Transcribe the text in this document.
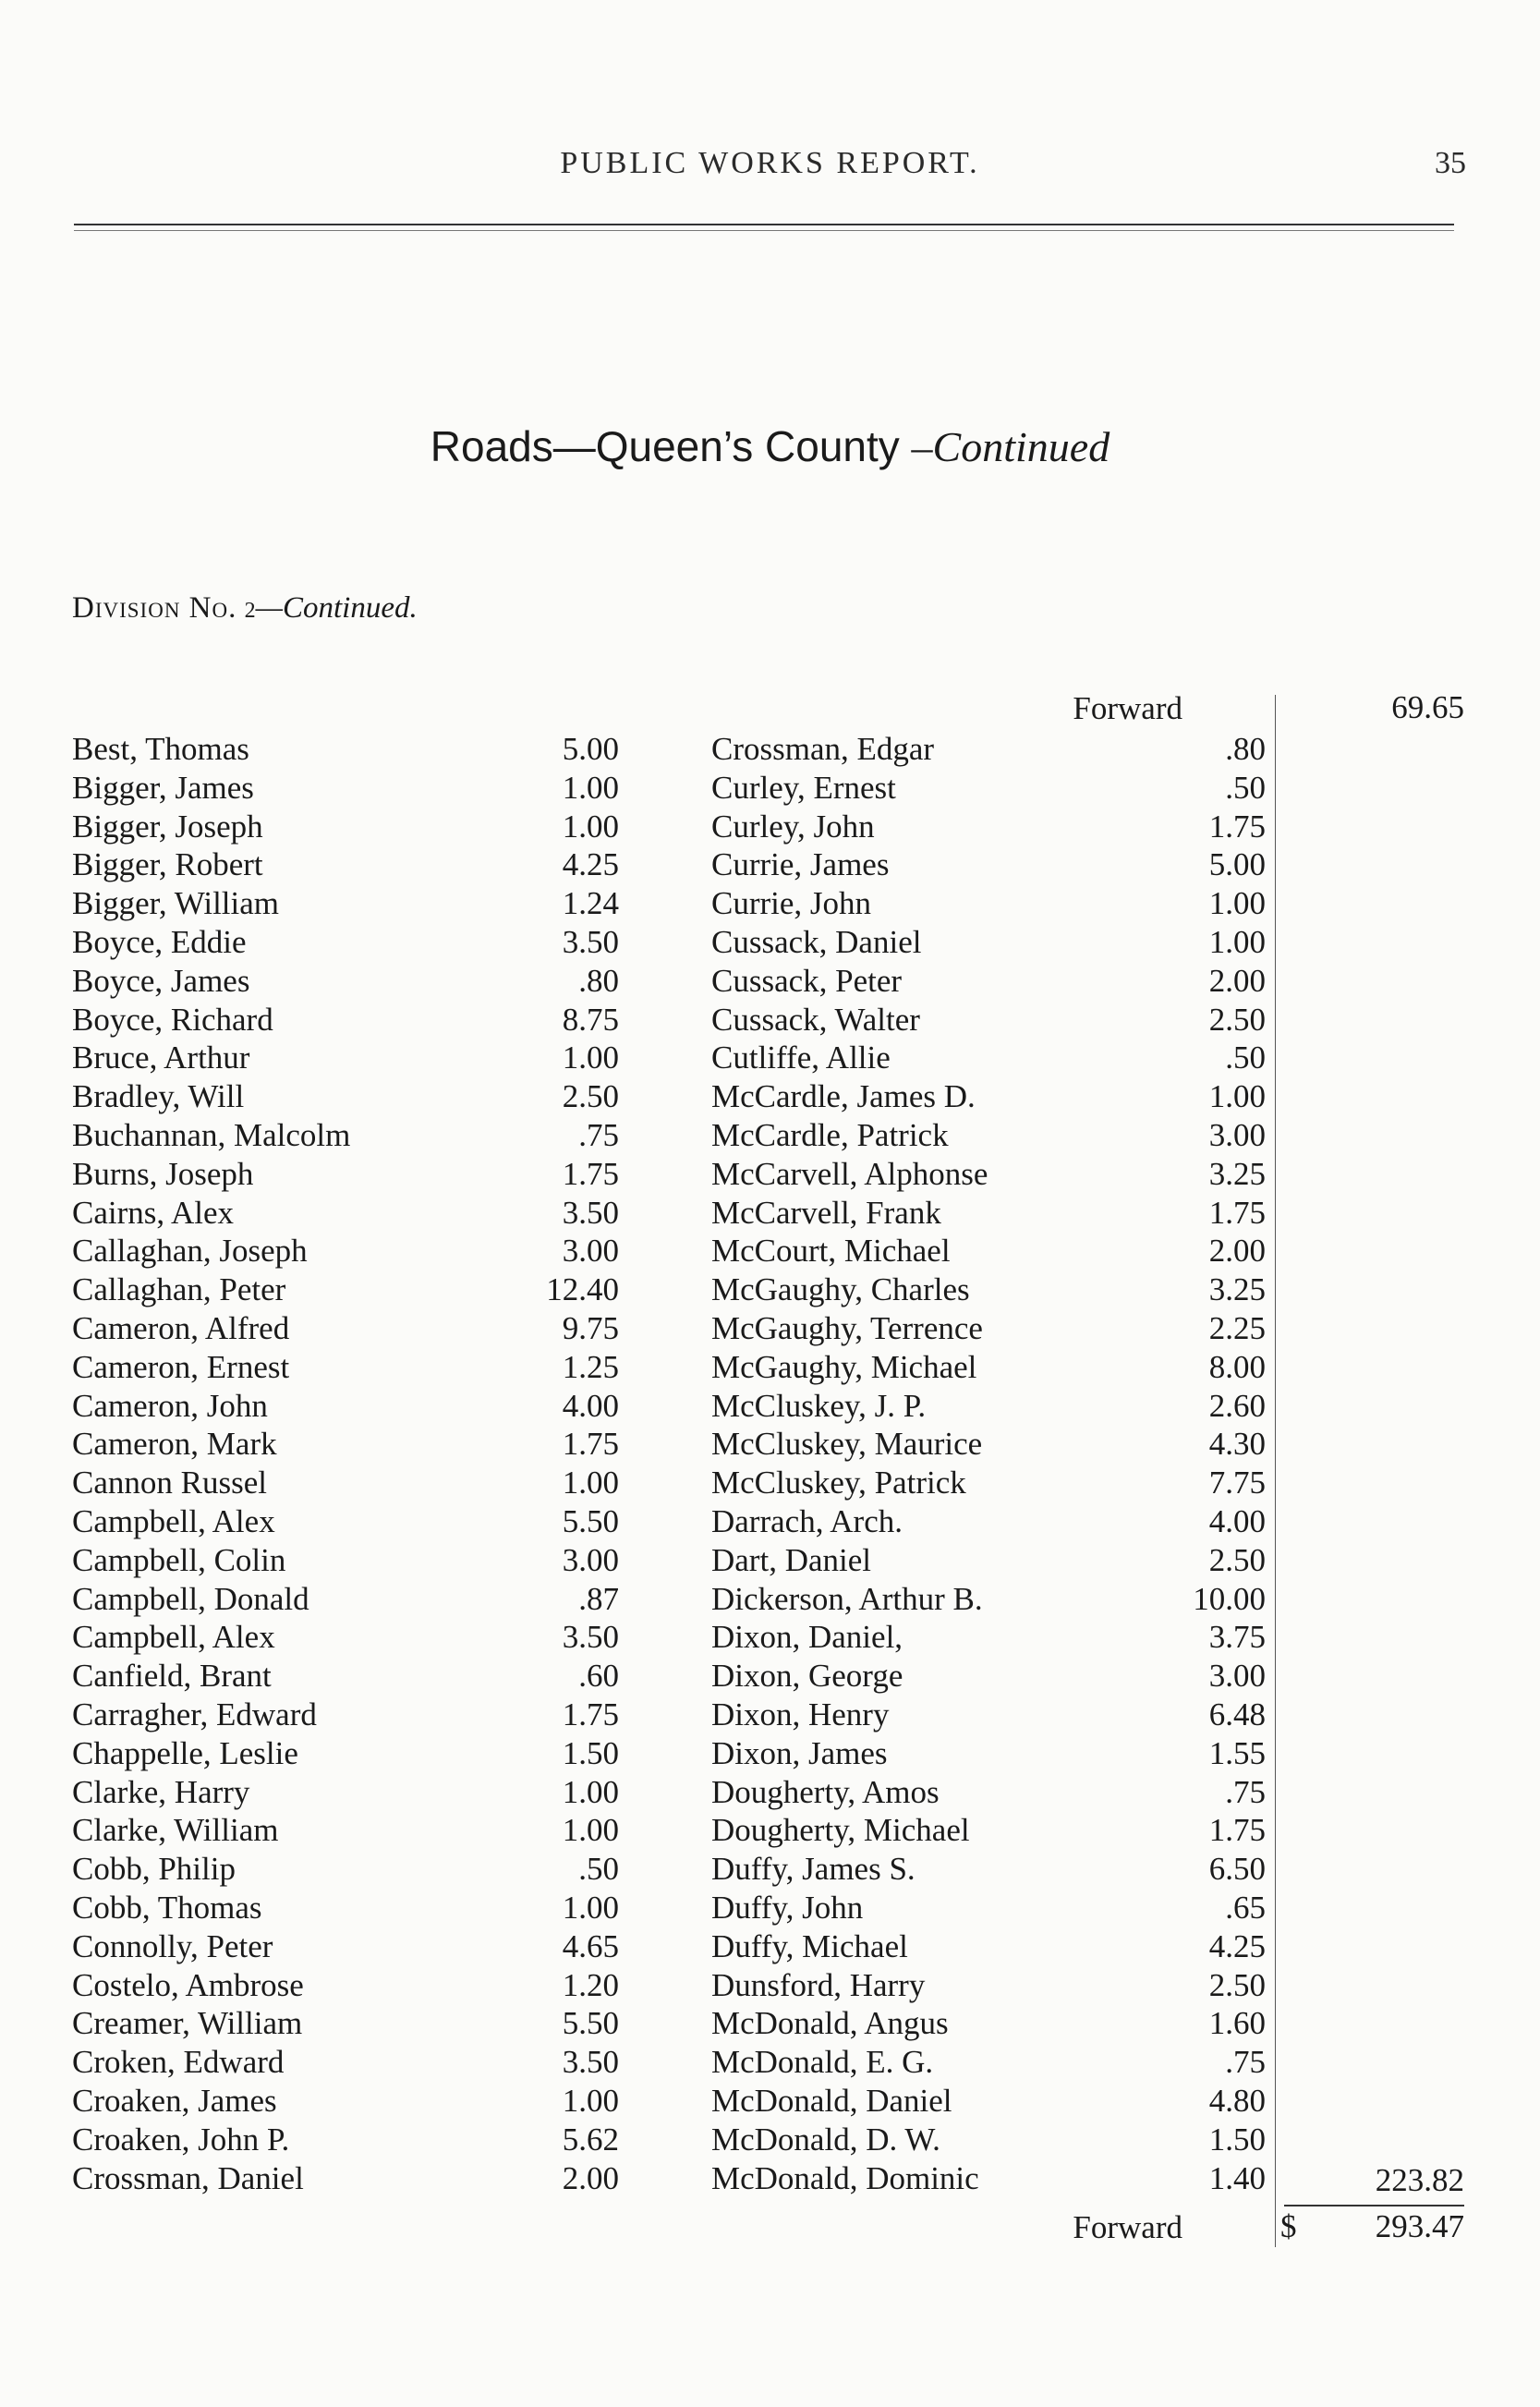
PUBLIC WORKS REPORT.	35
Roads—Queen’s County –Continued
Division No. 2—Continued.
Forward	69.65
Best, Thomas	5.00
Bigger, James	1.00
Bigger, Joseph	1.00
Bigger, Robert	4.25
Bigger, William	1.24
Boyce, Eddie	3.50
Boyce, James	.80
Boyce, Richard	8.75
Bruce, Arthur	1.00
Bradley, Will	2.50
Buchannan, Malcolm	.75
Burns, Joseph	1.75
Cairns, Alex	3.50
Callaghan, Joseph	3.00
Callaghan, Peter	12.40
Cameron, Alfred	9.75
Cameron, Ernest	1.25
Cameron, John	4.00
Cameron, Mark	1.75
Cannon Russel	1.00
Campbell, Alex	5.50
Campbell, Colin	3.00
Campbell, Donald	.87
Campbell, Alex	3.50
Canfield, Brant	.60
Carragher, Edward	1.75
Chappelle, Leslie	1.50
Clarke, Harry	1.00
Clarke, William	1.00
Cobb, Philip	.50
Cobb, Thomas	1.00
Connolly, Peter	4.65
Costelo, Ambrose	1.20
Creamer, William	5.50
Croken, Edward	3.50
Croaken, James	1.00
Croaken, John P.	5.62
Crossman, Daniel	2.00
Crossman, Edgar	.80
Curley, Ernest	.50
Curley, John	1.75
Currie, James	5.00
Currie, John	1.00
Cussack, Daniel	1.00
Cussack, Peter	2.00
Cussack, Walter	2.50
Cutliffe, Allie	.50
McCardle, James D.	1.00
McCardle, Patrick	3.00
McCarvell, Alphonse	3.25
McCarvell, Frank	1.75
McCourt, Michael	2.00
McGaughy, Charles	3.25
McGaughy, Terrence	2.25
McGaughy, Michael	8.00
McCluskey, J. P.	2.60
McCluskey, Maurice	4.30
McCluskey, Patrick	7.75
Darrach, Arch.	4.00
Dart, Daniel	2.50
Dickerson, Arthur B.	10.00
Dixon, Daniel,	3.75
Dixon, George	3.00
Dixon, Henry	6.48
Dixon, James	1.55
Dougherty, Amos	.75
Dougherty, Michael	1.75
Duffy, James S.	6.50
Duffy, John	.65
Duffy, Michael	4.25
Dunsford, Harry	2.50
McDonald, Angus	1.60
McDonald, E. G.	.75
McDonald, Daniel	4.80
McDonald, D. W.	1.50
McDonald, Dominic	1.40	223.82
Forward	$	293.47
